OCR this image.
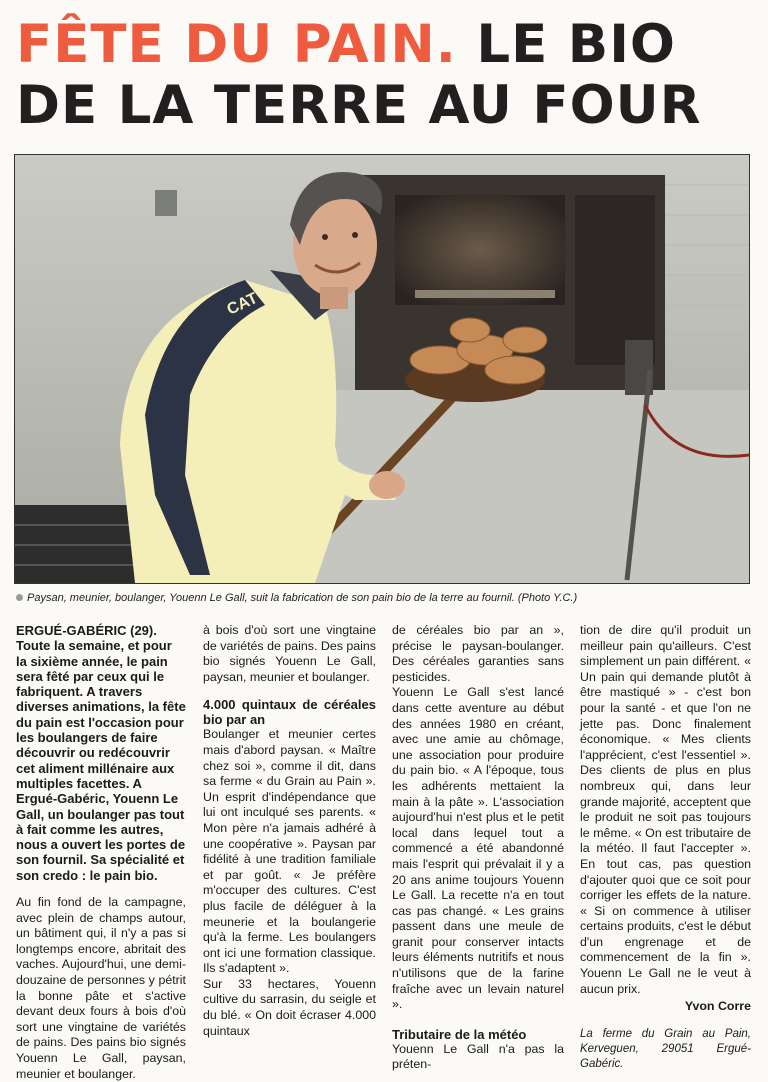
FÊTE DU PAIN. LE BIO
DE LA TERRE AU FOUR
CAT
Paysan, meunier, boulanger, Youenn Le Gall, suit la fabrication de son pain bio de la terre au fournil. (Photo Y.C.)

ERGUÉ-GABÉRIC (29). Toute la semaine, et pour la sixième année, le pain sera fêté par ceux qui le fabriquent. A travers diverses animations, la fête du pain est l'occasion pour les boulangers de faire découvrir ou redécouvrir cet aliment millénaire aux multiples facettes. A Ergué-Gabéric, Youenn Le Gall, un boulanger pas tout à fait comme les autres, nous a ouvert les portes de son fournil. Sa spécialité et son credo : le pain bio.

Au fin fond de la campagne, avec plein de champs autour, un bâtiment qui, il n'y a pas si longtemps encore, abritait des vaches. Aujourd'hui, une demi-douzaine de personnes y pétrit la bonne pâte et s'active devant deux fours à bois d'où sort une vingtaine de variétés de pains. Des pains bio signés Youenn Le Gall, paysan, meunier et boulanger.

à bois d'où sort une vingtaine de variétés de pains. Des pains bio signés Youenn Le Gall, paysan, meunier et boulanger.

4.000 quintaux de céréales bio par an

Boulanger et meunier certes mais d'abord paysan. « Maître chez soi », comme il dit, dans sa ferme « du Grain au Pain ». Un esprit d'indépendance que lui ont inculqué ses parents. « Mon père n'a jamais adhéré à une coopérative ». Paysan par fidélité à une tradition familiale et par goût. « Je préfère m'occuper des cultures. C'est plus facile de déléguer à la meunerie et la boulangerie qu'à la ferme. Les boulangers ont ici une formation classique. Ils s'adaptent ».

Sur 33 hectares, Youenn cultive du sarrasin, du seigle et du blé. « On doit écraser 4.000 quintaux

de céréales bio par an », précise le paysan-boulanger. Des céréales garanties sans pesticides.

Youenn Le Gall s'est lancé dans cette aventure au début des années 1980 en créant, avec une amie au chômage, une association pour produire du pain bio. « A l'époque, tous les adhérents mettaient la main à la pâte ». L'association aujourd'hui n'est plus et le petit local dans lequel tout a commencé a été abandonné mais l'esprit qui prévalait il y a 20 ans anime toujours Youenn Le Gall. La recette n'a en tout cas pas changé. « Les grains passent dans une meule de granit pour conserver intacts leurs éléments nutritifs et nous n'utilisons que de la farine fraîche avec un levain naturel ».

Tributaire de la météo

Youenn Le Gall n'a pas la préten-

tion de dire qu'il produit un meilleur pain qu'ailleurs. C'est simplement un pain différent. « Un pain qui demande plutôt à être mastiqué » - c'est bon pour la santé - et que l'on ne jette pas. Donc finalement économique. « Mes clients l'apprécient, c'est l'essentiel ». Des clients de plus en plus nombreux qui, dans leur grande majorité, acceptent que le produit ne soit pas toujours le même. « On est tributaire de la météo. Il faut l'accepter ». En tout cas, pas question d'ajouter quoi que ce soit pour corriger les effets de la nature. « Si on commence à utiliser certains produits, c'est le début d'un engrenage et de commencement de la fin ». Youenn Le Gall ne le veut à aucun prix.

Yvon Corre

La ferme du Grain au Pain, Kerveguen, 29051 Ergué-Gabéric.
